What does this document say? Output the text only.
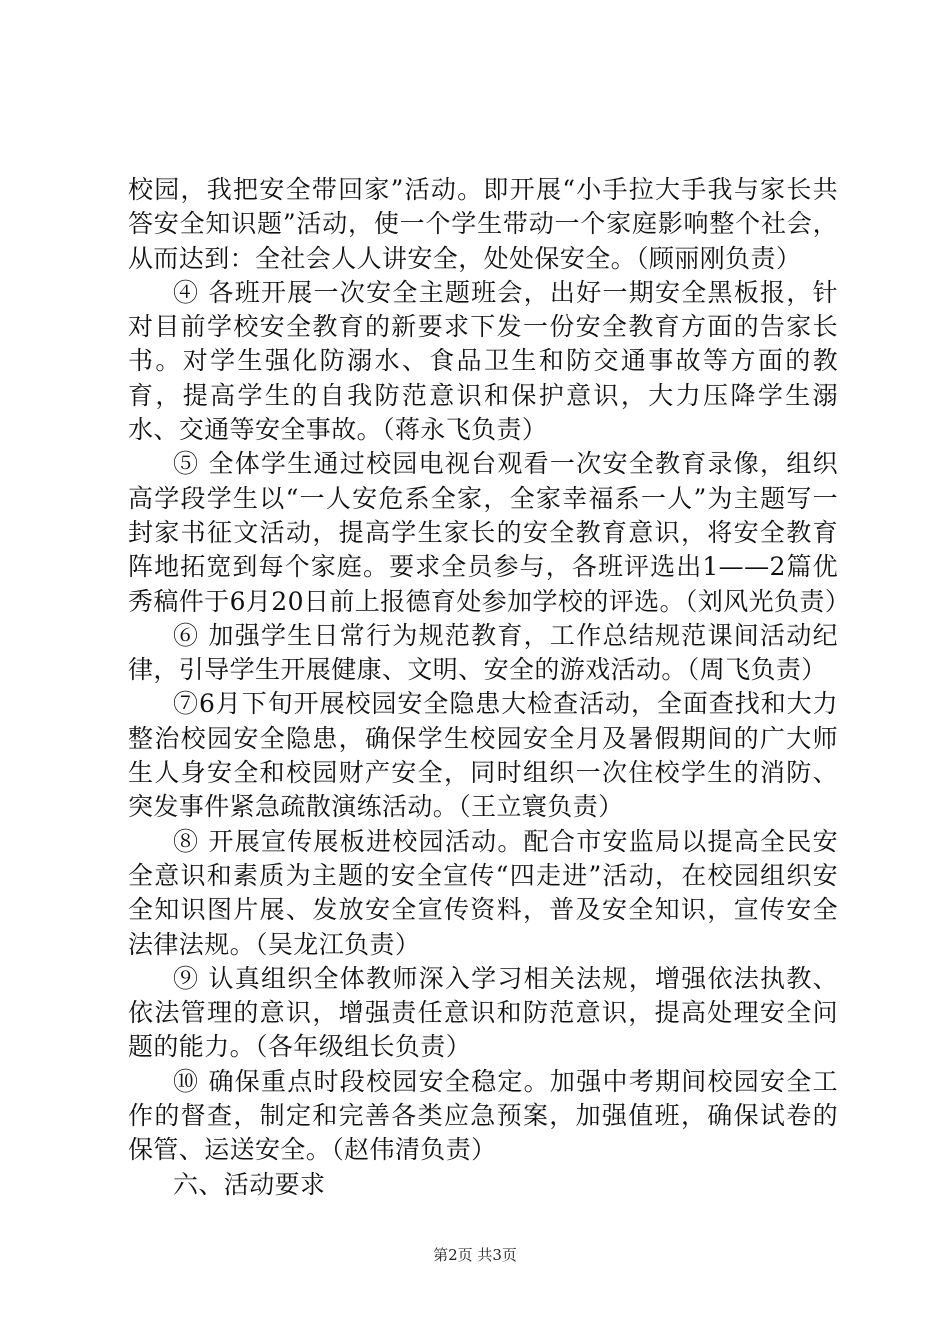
校园，我把安全带回家”活动。即开展“小手拉大手我与家长共答安全知识题”活动，使一个学生带动一个家庭影响整个社会，从而达到：全社会人人讲安全，处处保安全。（顾丽刚负责）

④ 各班开展一次安全主题班会，出好一期安全黑板报，针对目前学校安全教育的新要求下发一份安全教育方面的告家长书。对学生强化防溺水、食品卫生和防交通事故等方面的教育，提高学生的自我防范意识和保护意识，大力压降学生溺水、交通等安全事故。（蒋永飞负责）

⑤ 全体学生通过校园电视台观看一次安全教育录像，组织高学段学生以“一人安危系全家，全家幸福系一人”为主题写一封家书征文活动，提高学生家长的安全教育意识，将安全教育阵地拓宽到每个家庭。要求全员参与，各班评选出1——2篇优秀稿件于6月20日前上报德育处参加学校的评选。（刘风光负责）

⑥ 加强学生日常行为规范教育，工作总结规范课间活动纪律，引导学生开展健康、文明、安全的游戏活动。（周飞负责）

⑦6月下旬开展校园安全隐患大检查活动，全面查找和大力整治校园安全隐患，确保学生校园安全月及暑假期间的广大师生人身安全和校园财产安全，同时组织一次住校学生的消防、突发事件紧急疏散演练活动。（王立寰负责）

⑧ 开展宣传展板进校园活动。配合市安监局以提高全民安全意识和素质为主题的安全宣传“四走进”活动，在校园组织安全知识图片展、发放安全宣传资料，普及安全知识，宣传安全法律法规。（吴龙江负责）

⑨ 认真组织全体教师深入学习相关法规，增强依法执教、依法管理的意识，增强责任意识和防范意识，提高处理安全问题的能力。（各年级组长负责）

⑩ 确保重点时段校园安全稳定。加强中考期间校园安全工作的督查，制定和完善各类应急预案，加强值班，确保试卷的保管、运送安全。（赵伟清负责）

六、活动要求

第2页 共3页
